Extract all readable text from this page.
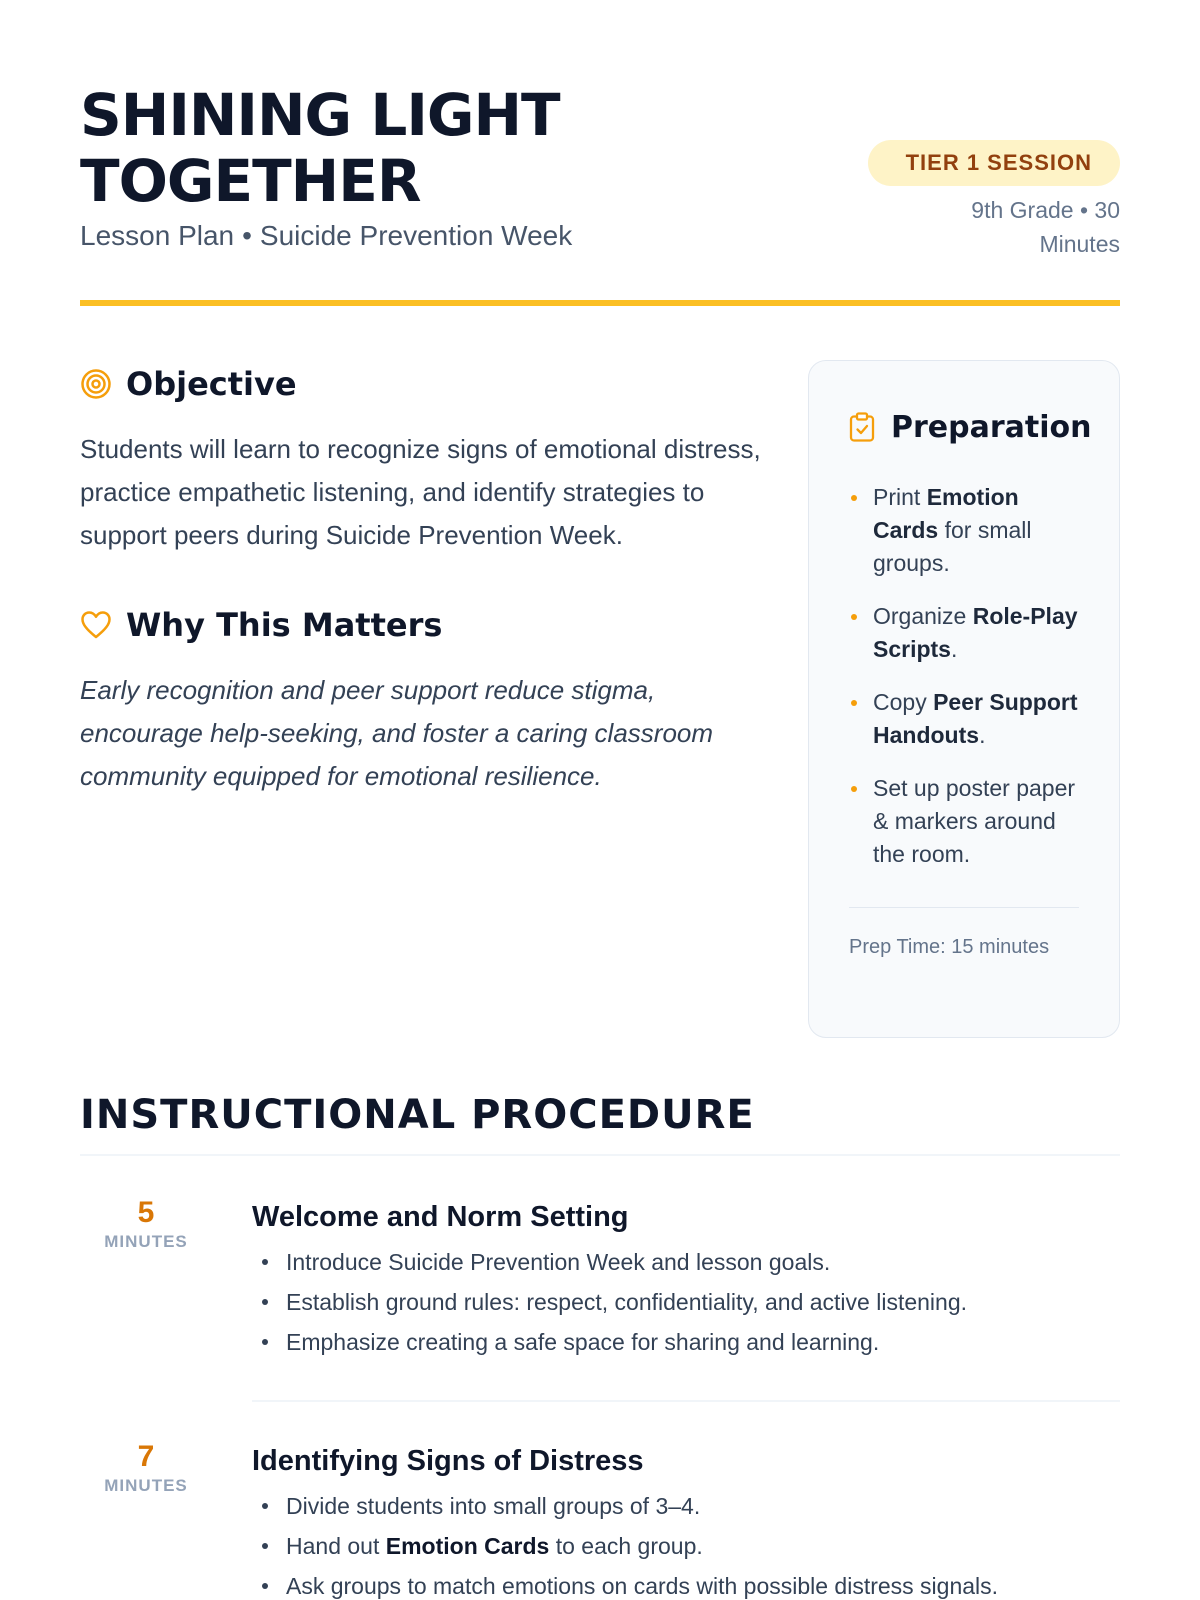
SHINING LIGHT
TOGETHER
Lesson Plan • Suicide Prevention Week
TIER 1 SESSION
9th Grade • 30 Minutes
Objective

Students will learn to recognize signs of emotional distress, practice empathetic listening, and identify strategies to support peers during Suicide Prevention Week.

Why This Matters

Early recognition and peer support reduce stigma, encourage help-seeking, and foster a caring classroom community equipped for emotional resilience.

Preparation
Print Emotion Cards for small groups.
Organize Role-Play Scripts.
Copy Peer Support Handouts.
Set up poster paper & markers around the room.
Prep Time: 15 minutes
INSTRUCTIONAL PROCEDURE
5
MINUTES
Welcome and Norm Setting
Introduce Suicide Prevention Week and lesson goals.
Establish ground rules: respect, confidentiality, and active listening.
Emphasize creating a safe space for sharing and learning.
7
MINUTES
Identifying Signs of Distress
Divide students into small groups of 3–4.
Hand out Emotion Cards to each group.
Ask groups to match emotions on cards with possible distress signals.
